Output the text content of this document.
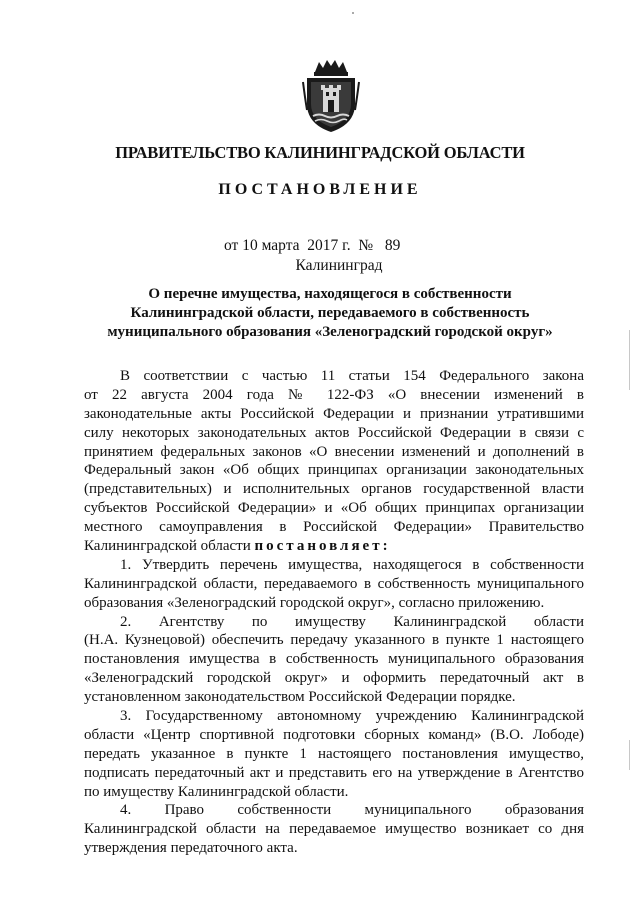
ПРАВИТЕЛЬСТВО КАЛИНИНГРАДСКОЙ ОБЛАСТИ
ПОСТАНОВЛЕНИЕ
от 10 марта  2017 г.  №   89
Калининград
О перечне имущества, находящегося в собственности
Калининградской области, передаваемого в собственность
муниципального образования «Зеленоградский городской округ»
В соответствии с частью 11 статьи 154 Федерального закона
от 22 августа 2004 года № 122-ФЗ «О внесении изменений в
законодательные акты Российской Федерации и признании утратившими
силу некоторых законодательных актов Российской Федерации в связи с
принятием федеральных законов «О внесении изменений и дополнений в
Федеральный закон «Об общих принципах организации законодательных
(представительных) и исполнительных органов государственной власти
субъектов Российской Федерации» и «Об общих принципах организации
местного самоуправления в Российской Федерации» Правительство
Калининградской области постановляет:
1. Утвердить перечень имущества, находящегося в собственности
Калининградской области, передаваемого в собственность муниципального
образования «Зеленоградский городской округ», согласно приложению.
2. Агентству по имуществу Калининградской области
(Н.А. Кузнецовой) обеспечить передачу указанного в пункте 1 настоящего
постановления имущества в собственность муниципального образования
«Зеленоградский городской округ» и оформить передаточный акт в
установленном законодательством Российской Федерации порядке.
3. Государственному автономному учреждению Калининградской
области «Центр спортивной подготовки сборных команд» (В.О. Лободе)
передать указанное в пункте 1 настоящего постановления имущество,
подписать передаточный акт и представить его на утверждение в Агентство
по имуществу Калининградской области.
4. Право собственности муниципального образования
Калининградской области на передаваемое имущество возникает со дня
утверждения передаточного акта.
